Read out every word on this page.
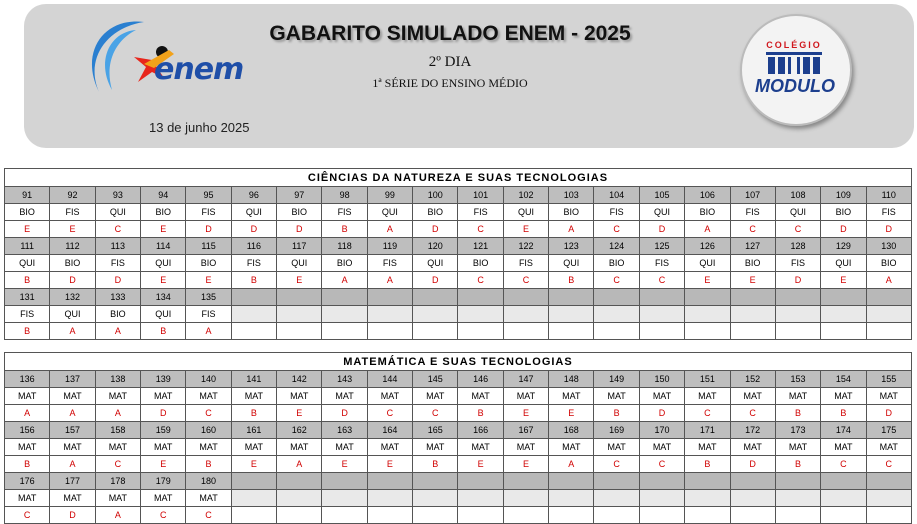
enem
13 de junho 2025
GABARITO SIMULADO ENEM - 2025
2º DIA
1ª SÉRIE DO ENSINO MÉDIO
COLÉGIO
MODULO
CIÊNCIAS DA NATUREZA E SUAS TECNOLOGIAS																			
91	92	93	94	95	96	97	98	99	100	101	102	103	104	105	106	107	108	109	110
BIO	FIS	QUI	BIO	FIS	QUI	BIO	FIS	QUI	BIO	FIS	QUI	BIO	FIS	QUI	BIO	FIS	QUI	BIO	FIS
E	E	C	E	D	D	D	B	A	D	C	E	A	C	D	A	C	C	D	D
111	112	113	114	115	116	117	118	119	120	121	122	123	124	125	126	127	128	129	130
QUI	BIO	FIS	QUI	BIO	FIS	QUI	BIO	FIS	QUI	BIO	FIS	QUI	BIO	FIS	QUI	BIO	FIS	QUI	BIO
B	D	D	E	E	B	E	A	A	D	C	C	B	C	C	E	E	D	E	A
131	132	133	134	135															
FIS	QUI	BIO	QUI	FIS															
B	A	A	B	A															
MATEMÁTICA E SUAS TECNOLOGIAS																			
136	137	138	139	140	141	142	143	144	145	146	147	148	149	150	151	152	153	154	155
MAT	MAT	MAT	MAT	MAT	MAT	MAT	MAT	MAT	MAT	MAT	MAT	MAT	MAT	MAT	MAT	MAT	MAT	MAT	MAT
A	A	A	D	C	B	E	D	C	C	B	E	E	B	D	C	C	B	B	D
156	157	158	159	160	161	162	163	164	165	166	167	168	169	170	171	172	173	174	175
MAT	MAT	MAT	MAT	MAT	MAT	MAT	MAT	MAT	MAT	MAT	MAT	MAT	MAT	MAT	MAT	MAT	MAT	MAT	MAT
B	A	C	E	B	E	A	E	E	B	E	E	A	C	C	B	D	B	C	C
176	177	178	179	180															
MAT	MAT	MAT	MAT	MAT															
C	D	A	C	C															
